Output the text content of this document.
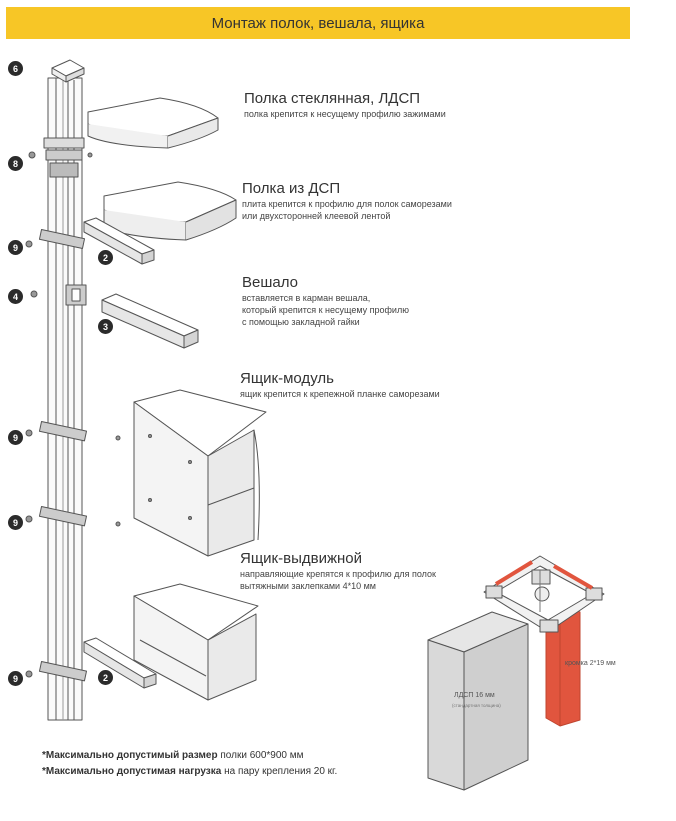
Монтаж полок, вешала, ящика
6
8
9
4
9
9
9
2
3
2
Полка стеклянная, ЛДСП
полка крепится к несущему профилю зажимами
Полка из ДСП
плита крепится к профилю для полок саморезами
или двухсторонней клеевой лентой
Вешало
вставляется в карман вешала,
который крепится к несущему профилю
с помощью закладной гайки
Ящик-модуль
ящик крепится к крепежной планке саморезами
Ящик-выдвижной
направляющие крепятся к профилю для полок
вытяжными заклепками 4*10 мм
ЛДСП 16 мм
(стандартная толщина)
кромка 2*19 мм
*Максимально допустимый размер полки 600*900 мм
*Максимально допустимая нагрузка на пару крепления 20 кг.
